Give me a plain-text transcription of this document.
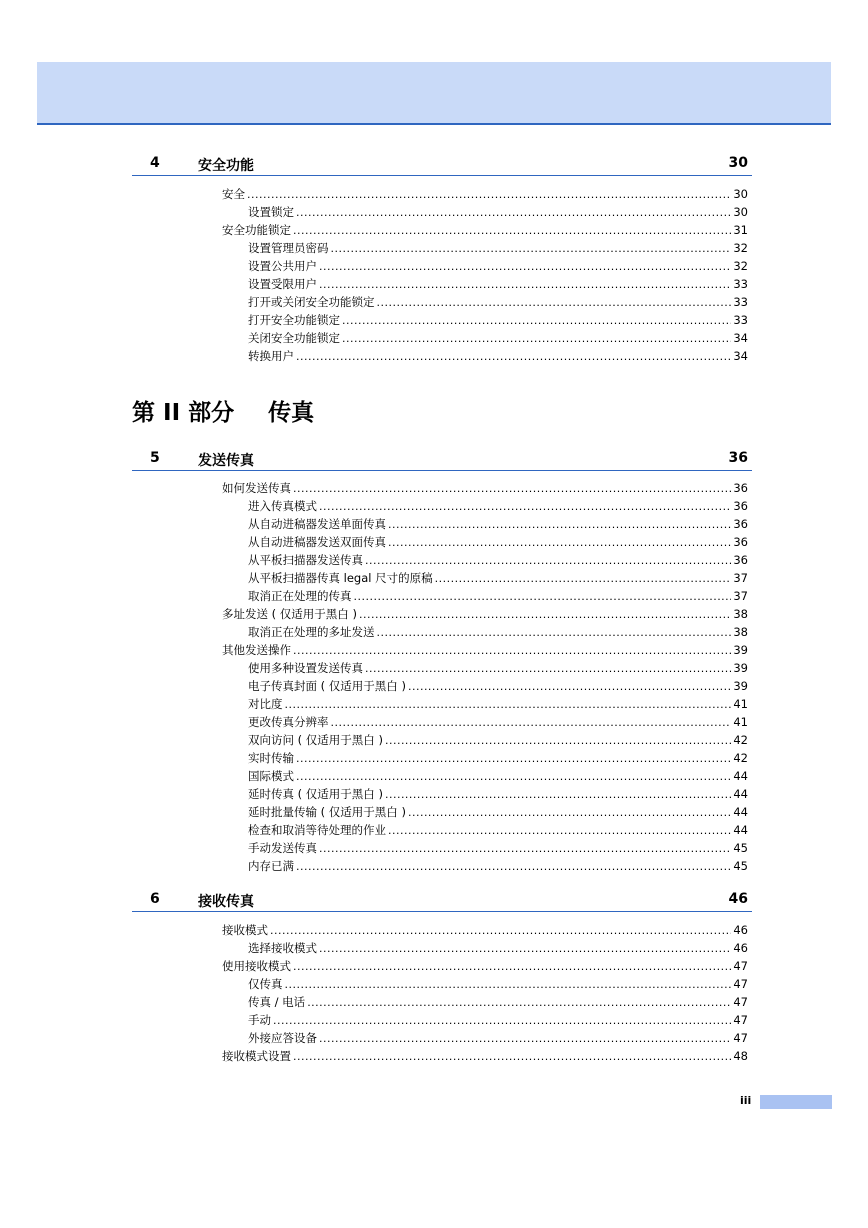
4	安全功能	30
安全 .....	30
设置锁定 .....	30
安全功能锁定 .....	31
设置管理员密码 .....	32
设置公共用户 .....	32
设置受限用户 .....	33
打开或关闭安全功能锁定 .....	33
打开安全功能锁定 .....	33
关闭安全功能锁定 .....	34
转换用户 .....	34
第 II 部分 传真
5	发送传真	36
如何发送传真 .....	36
进入传真模式 .....	36
从自动进稿器发送单面传真 .....	36
从自动进稿器发送双面传真 .....	36
从平板扫描器发送传真 .....	36
从平板扫描器传真 legal 尺寸的原稿 .....	37
取消正在处理的传真 .....	37
多址发送 ( 仅适用于黑白 ) .....	38
取消正在处理的多址发送 .....	38
其他发送操作 .....	39
使用多种设置发送传真 .....	39
电子传真封面 ( 仅适用于黑白 ) .....	39
对比度 .....	41
更改传真分辨率 .....	41
双向访问 ( 仅适用于黑白 ) .....	42
实时传输 .....	42
国际模式 .....	44
延时传真 ( 仅适用于黑白 ) .....	44
延时批量传输 ( 仅适用于黑白 ) .....	44
检查和取消等待处理的作业 .....	44
手动发送传真 .....	45
内存已满 .....	45
6	接收传真	46
接收模式 .....	46
选择接收模式 .....	46
使用接收模式 .....	47
仅传真 .....	47
传真 / 电话 .....	47
手动 .....	47
外接应答设备 .....	47
接收模式设置 .....	48
iii
